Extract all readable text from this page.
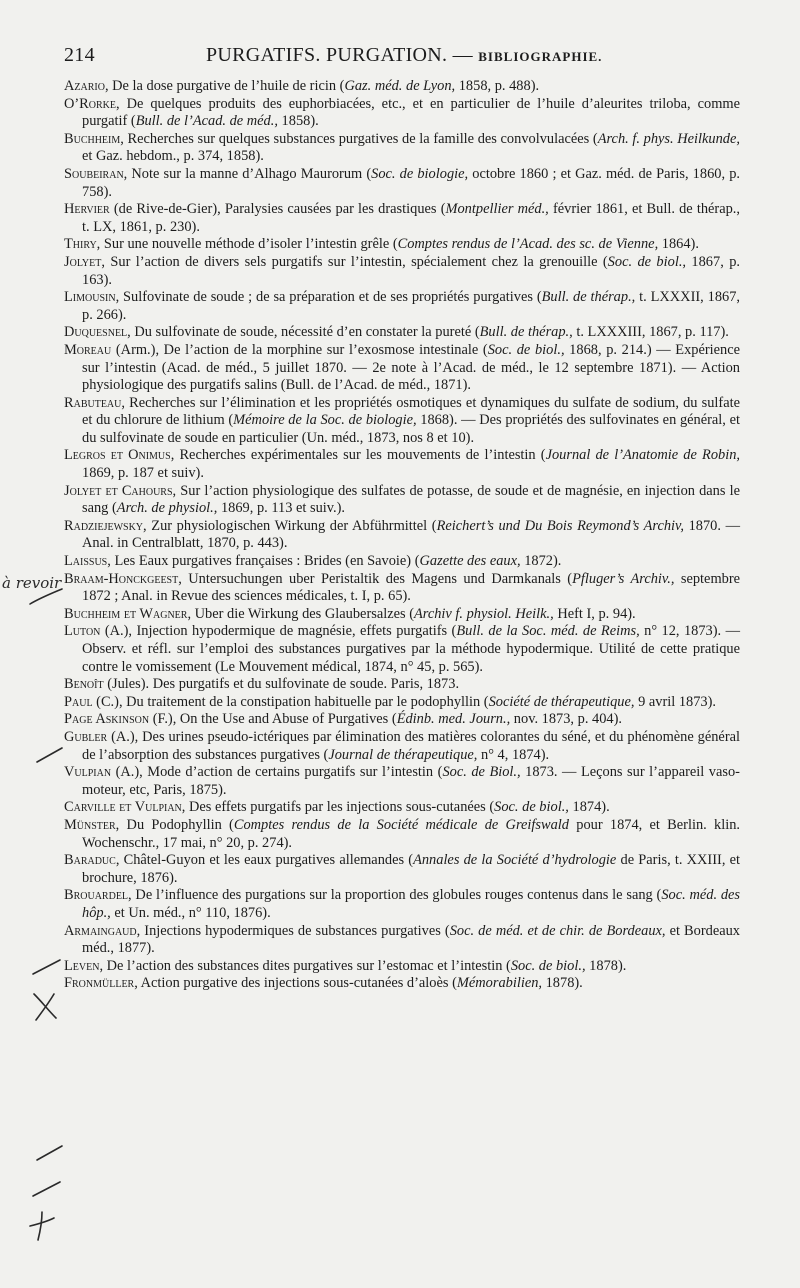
214	PURGATIFS. PURGATION. — BIBLIOGRAPHIE.

Azario, De la dose purgative de l’huile de ricin (Gaz. méd. de Lyon, 1858, p. 488).

O’Rorke, De quelques produits des euphorbiacées, etc., et en particulier de l’huile d’aleurites triloba, comme purgatif (Bull. de l’Acad. de méd., 1858).

Buchheim, Recherches sur quelques substances purgatives de la famille des convolvulacées (Arch. f. phys. Heilkunde, et Gaz. hebdom., p. 374, 1858).

Soubeiran, Note sur la manne d’Alhago Maurorum (Soc. de biologie, octobre 1860 ; et Gaz. méd. de Paris, 1860, p. 758).

Hervier (de Rive-de-Gier), Paralysies causées par les drastiques (Montpellier méd., février 1861, et Bull. de thérap., t. LX, 1861, p. 230).

Thiry, Sur une nouvelle méthode d’isoler l’intestin grêle (Comptes rendus de l’Acad. des sc. de Vienne, 1864).

Jolyet, Sur l’action de divers sels purgatifs sur l’intestin, spécialement chez la grenouille (Soc. de biol., 1867, p. 163).

Limousin, Sulfovinate de soude ; de sa préparation et de ses propriétés purgatives (Bull. de thérap., t. LXXXII, 1867, p. 266).

Duquesnel, Du sulfovinate de soude, nécessité d’en constater la pureté (Bull. de thérap., t. LXXXIII, 1867, p. 117).

Moreau (Arm.), De l’action de la morphine sur l’exosmose intestinale (Soc. de biol., 1868, p. 214.) — Expérience sur l’intestin (Acad. de méd., 5 juillet 1870. — 2e note à l’Acad. de méd., le 12 septembre 1871). — Action physiologique des purgatifs salins (Bull. de l’Acad. de méd., 1871).

Rabuteau, Recherches sur l’élimination et les propriétés osmotiques et dynamiques du sulfate de sodium, du sulfate et du chlorure de lithium (Mémoire de la Soc. de biologie, 1868). — Des propriétés des sulfovinates en général, et du sulfovinate de soude en particulier (Un. méd., 1873, nos 8 et 10).

Legros et Onimus, Recherches expérimentales sur les mouvements de l’intestin (Journal de l’Anatomie de Robin, 1869, p. 187 et suiv).

Jolyet et Cahours, Sur l’action physiologique des sulfates de potasse, de soude et de magnésie, en injection dans le sang (Arch. de physiol., 1869, p. 113 et suiv.).

Radziejewsky, Zur physiologischen Wirkung der Abführmittel (Reichert’s und Du Bois Reymond’s Archiv, 1870. — Anal. in Centralblatt, 1870, p. 443).

Laissus, Les Eaux purgatives françaises : Brides (en Savoie) (Gazette des eaux, 1872).

Braam-Honckgeest, Untersuchungen uber Peristaltik des Magens und Darmkanals (Pfluger’s Archiv., septembre 1872 ; Anal. in Revue des sciences médicales, t. I, p. 65).

Buchheim et Wagner, Uber die Wirkung des Glaubersalzes (Archiv f. physiol. Heilk., Heft I, p. 94).

Luton (A.), Injection hypodermique de magnésie, effets purgatifs (Bull. de la Soc. méd. de Reims, n° 12, 1873). — Observ. et réfl. sur l’emploi des substances purgatives par la méthode hypodermique. Utilité de cette pratique contre le vomissement (Le Mouvement médical, 1874, n° 45, p. 565).

Benoît (Jules). Des purgatifs et du sulfovinate de soude. Paris, 1873.

Paul (C.), Du traitement de la constipation habituelle par le podophyllin (Société de thérapeutique, 9 avril 1873).

Page Askinson (F.), On the Use and Abuse of Purgatives (Édinb. med. Journ., nov. 1873, p. 404).

Gubler (A.), Des urines pseudo-ictériques par élimination des matières colorantes du séné, et du phénomène général de l’absorption des substances purgatives (Journal de thérapeutique, n° 4, 1874).

Vulpian (A.), Mode d’action de certains purgatifs sur l’intestin (Soc. de Biol., 1873. — Leçons sur l’appareil vaso-moteur, etc, Paris, 1875).

Carville et Vulpian, Des effets purgatifs par les injections sous-cutanées (Soc. de biol., 1874).

Münster, Du Podophyllin (Comptes rendus de la Société médicale de Greifswald pour 1874, et Berlin. klin. Wochenschr., 17 mai, n° 20, p. 274).

Baraduc, Châtel-Guyon et les eaux purgatives allemandes (Annales de la Société d’hydrologie de Paris, t. XXIII, et brochure, 1876).

Brouardel, De l’influence des purgations sur la proportion des globules rouges contenus dans le sang (Soc. méd. des hôp., et Un. méd., n° 110, 1876).

Armaingaud, Injections hypodermiques de substances purgatives (Soc. de méd. et de chir. de Bordeaux, et Bordeaux méd., 1877).

Leven, De l’action des substances dites purgatives sur l’estomac et l’intestin (Soc. de biol., 1878).

Fronmüller, Action purgative des injections sous-cutanées d’aloès (Mémorabilien, 1878).

à revoir
